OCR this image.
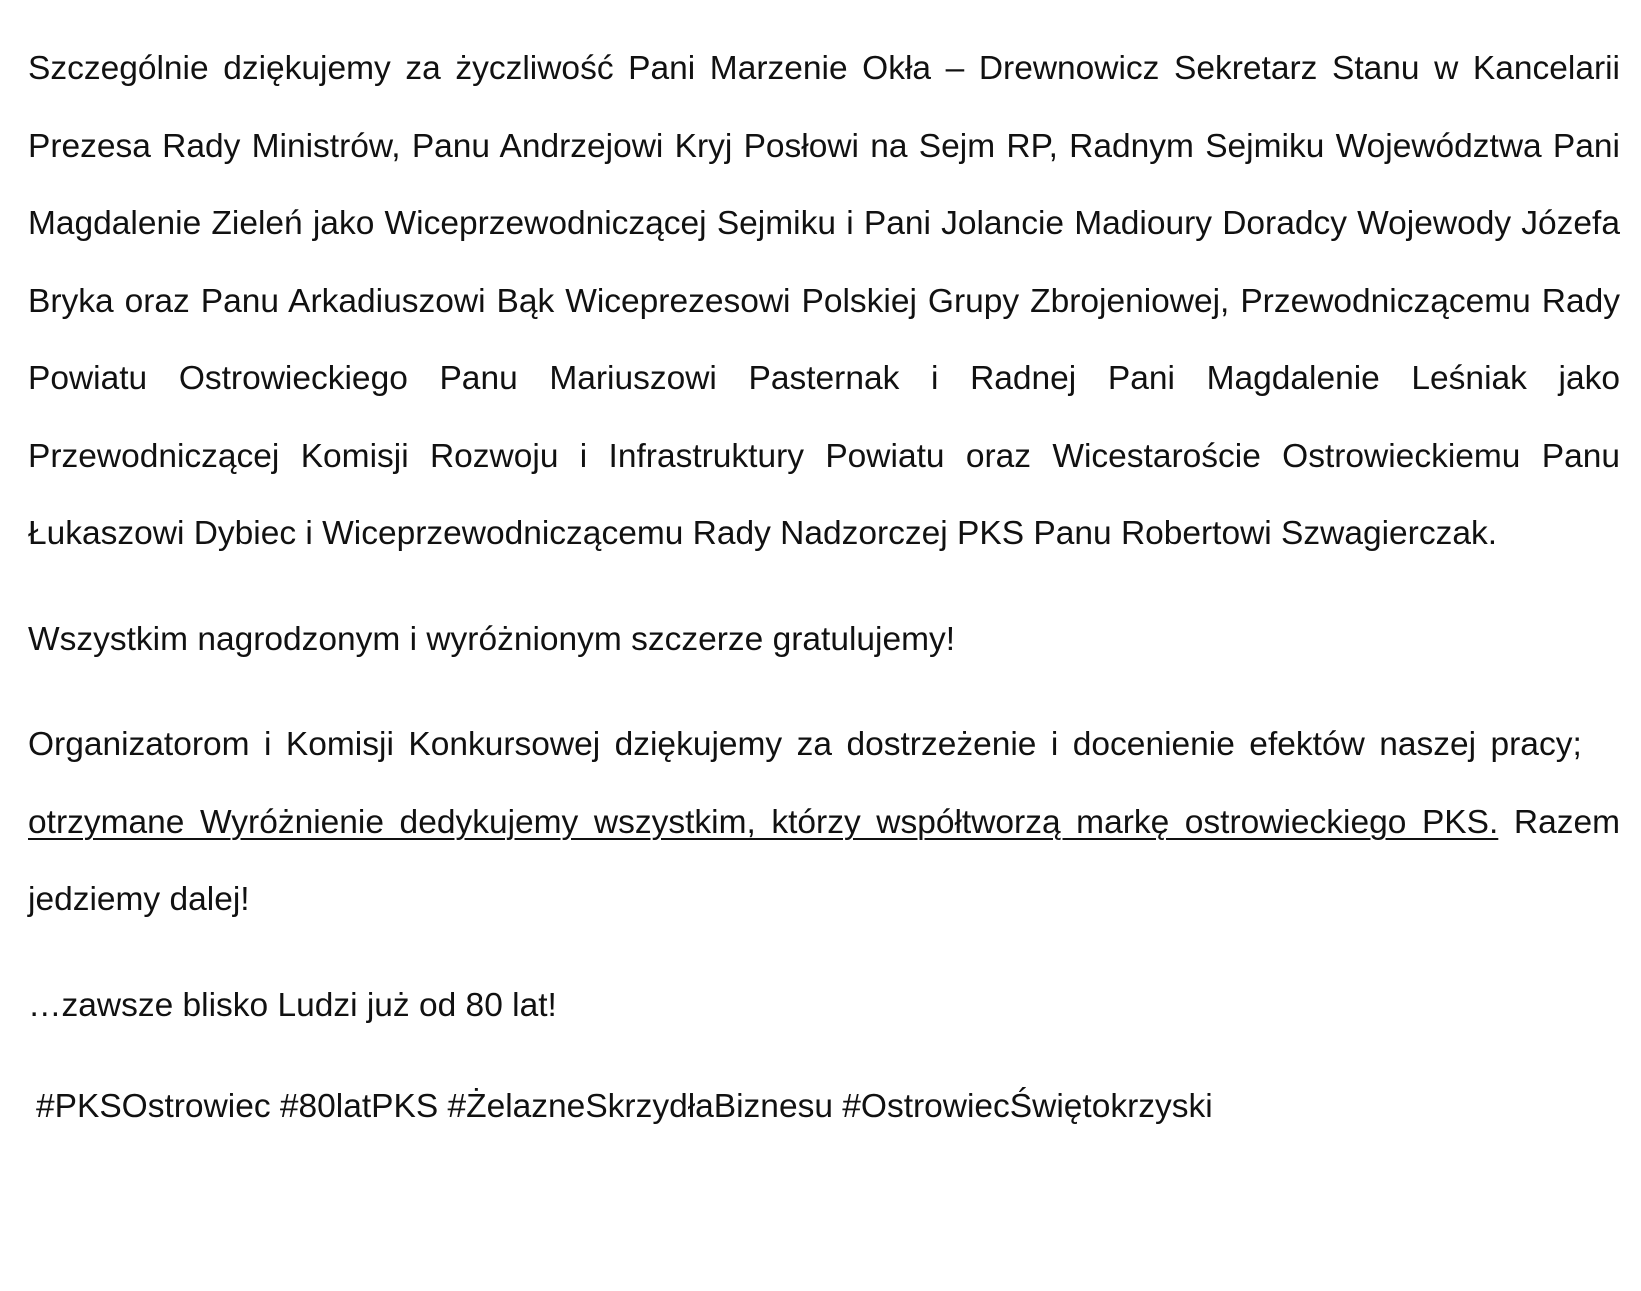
Szczególnie dziękujemy za życzliwość Pani Marzenie Okła – Drewnowicz Sekretarz Stanu w Kancelarii Prezesa Rady Ministrów, Panu Andrzejowi Kryj Posłowi na Sejm RP, Radnym Sejmiku Województwa Pani Magdalenie Zieleń jako Wiceprzewodniczącej Sejmiku i Pani Jolancie Madioury Doradcy Wojewody Józefa Bryka oraz Panu Arkadiuszowi Bąk Wiceprezesowi Polskiej Grupy Zbrojeniowej, Przewodniczącemu Rady Powiatu Ostrowieckiego Panu Mariuszowi Pasternak i Radnej Pani Magdalenie Leśniak jako Przewodniczącej Komisji Rozwoju i Infrastruktury Powiatu oraz Wicestaroście Ostrowieckiemu Panu Łukaszowi Dybiec i Wiceprzewodniczącemu Rady Nadzorczej PKS Panu Robertowi Szwagierczak.

Wszystkim nagrodzonym i wyróżnionym szczerze gratulujemy!

Organizatorom i Komisji Konkursowej dziękujemy za dostrzeżenie i docenienie efektów naszej pracy;    otrzymane Wyróżnienie dedykujemy wszystkim, którzy współtworzą markę ostrowieckiego PKS. Razem jedziemy dalej!

…zawsze blisko Ludzi już od 80 lat!

#PKSOstrowiec #80latPKS #ŻelazneSkrzydłaBiznesu #OstrowiecŚwiętokrzyski
